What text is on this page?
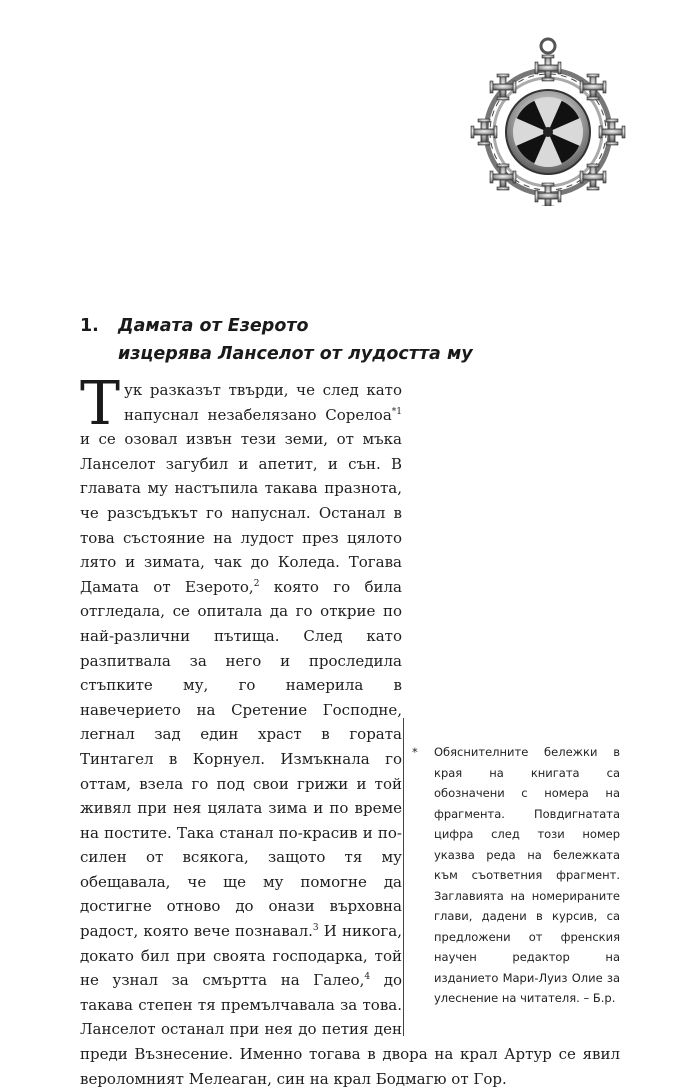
1. Дамата от Езерото
изцерява Ланселот от лудостта му

Тук разказът твърди, че след като напуснал незабелязано Сорелоа$^{*1}$ и се озовал извън тези земи, от мъка Ланселот загубил и апетит, и сън. В главата му настъпила такава празнота, че разсъдъкът го напуснал. Останал в това състояние на лудост през цялото лято и зимата, чак до Коледа. Тогава Дамата от Езерото,$^2$ която го била отгледала, се опитала да го открие по най-различни пътища. След като разпитвала за него и проследила стъпките му, го намерила в навечерието на Сретение Господне, легнал зад един храст в гората Тинтагел в Корнуел. Измъкнала го оттам, взела го под свои грижи и той живял при нея цялата зима и по време на постите. Така станал по-красив и по-силен от всякога, защото тя му обещавала, че ще му помогне да достигне отново до онази върховна радост, която вече познавал.$^3$ И никога, докато бил при своята господарка, той не узнал за смъртта на Галео,$^4$ до такава степен тя премълчавала за това. Ланселот останал при нея до петия ден преди Възнесение. Именно тогава в двора на крал Артур се явил вероломният Мелеаган, син на крал Бодмагю от Гор.

* Обяснителните бележки в края на книгата са обозначени с номера на фрагмента. Повдигнатата цифра след този номер указва реда на бележката към съответния фрагмент. Заглавията на номерираните глави, дадени в курсив, са предложени от френския научен редактор на изданието Мари-Луиз Олие за улеснение на читателя. – Б.р.
